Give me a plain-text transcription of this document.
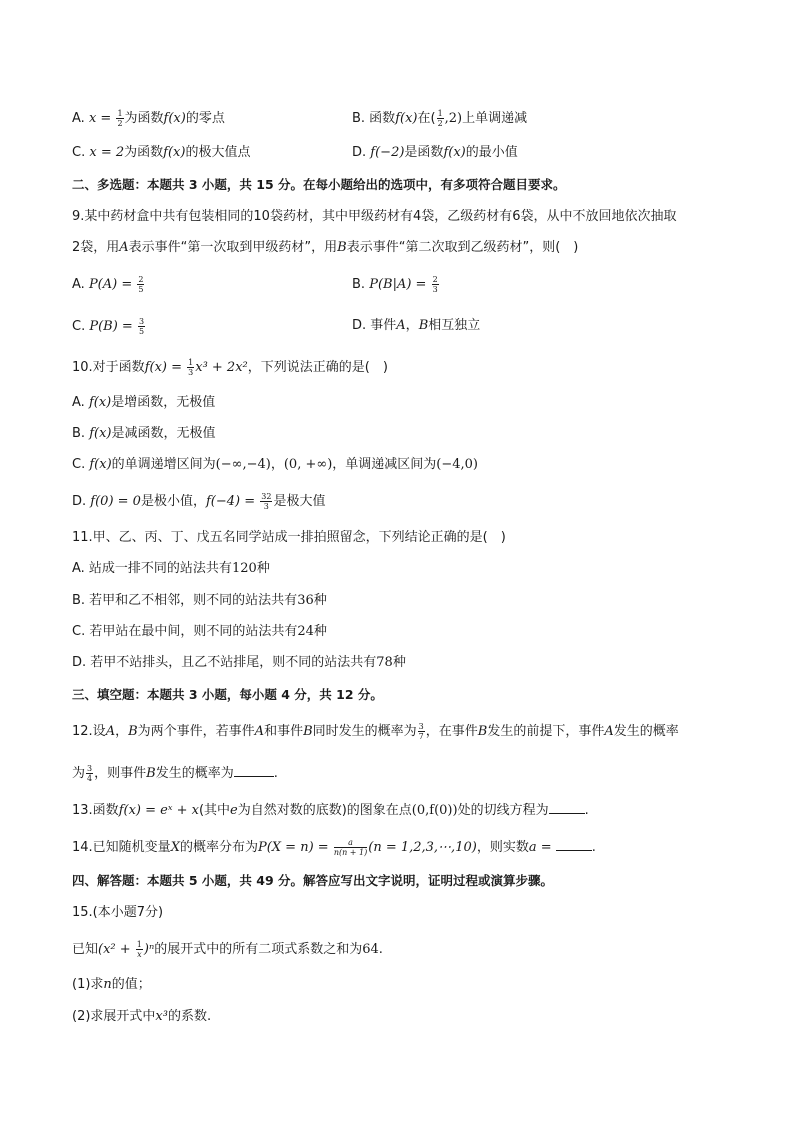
A. $x = \frac{1}{2}$ 为函数f(x)的零点	B. 函数f(x)在( $\frac{1}{2} ,2$)上单调递减
C. x = 2为函数f(x)的极大值点	D. f(−2)是函数f(x)的最小值
二、多选题：本题共 3 小题，共 15 分。在每小题给出的选项中，有多项符合题目要求。
9.某中药材盒中共有包装相同的10袋药材，其中甲级药材有4袋，乙级药材有6袋，从中不放回地依次抽取
2袋，用A表示事件“第一次取到甲级药材”，用B表示事件“第二次取到乙级药材”，则(　)
A. $P(A) = \frac{2}{5}$	B. $P(B|A) = \frac{2}{3}$
C. $P(B) = \frac{3}{5}$	D. 事件A，B相互独立
10.对于函数$f(x) = \frac{1}{3} x^3 + 2x^2$，下列说法正确的是(　)
A. f(x)是增函数，无极值
B. f(x)是减函数，无极值
C. f(x)的单调递增区间为(−∞,−4)，(0, +∞)，单调递减区间为(−4,0)
D. f(0) = 0是极小值，$f(-4) = \frac{32}{3}$ 是极大值
11.甲、乙、丙、丁、戊五名同学站成一排拍照留念，下列结论正确的是(　)
A. 站成一排不同的站法共有120种
B. 若甲和乙不相邻，则不同的站法共有36种
C. 若甲站在最中间，则不同的站法共有24种
D. 若甲不站排头，且乙不站排尾，则不同的站法共有78种
三、填空题：本题共 3 小题，每小题 4 分，共 12 分。
12.设A，B为两个事件，若事件A和事件B同时发生的概率为 $\frac{3}{7}$ ，在事件B发生的前提下，事件A发生的概率
为 $\frac{3}{4}$ ，则事件B发生的概率为	.
13.函数f(x) = eˣ + x(其中e为自然对数的底数)的图象在点(0,f(0))处的切线方程为	.
14.已知随机变量X的概率分布为$P(X = n) = \frac{a}{n(n + 1)} (n$ = 1,2,3,⋯,10)，则实数a =	.
四、解答题：本题共 5 小题，共 49 分。解答应写出文字说明，证明过程或演算步骤。
15.(本小题7分)
已知$(x^2 + \frac{1}{x} )^n$的展开式中的所有二项式系数之和为64.
(1)求n的值；
(2)求展开式中x³的系数.
